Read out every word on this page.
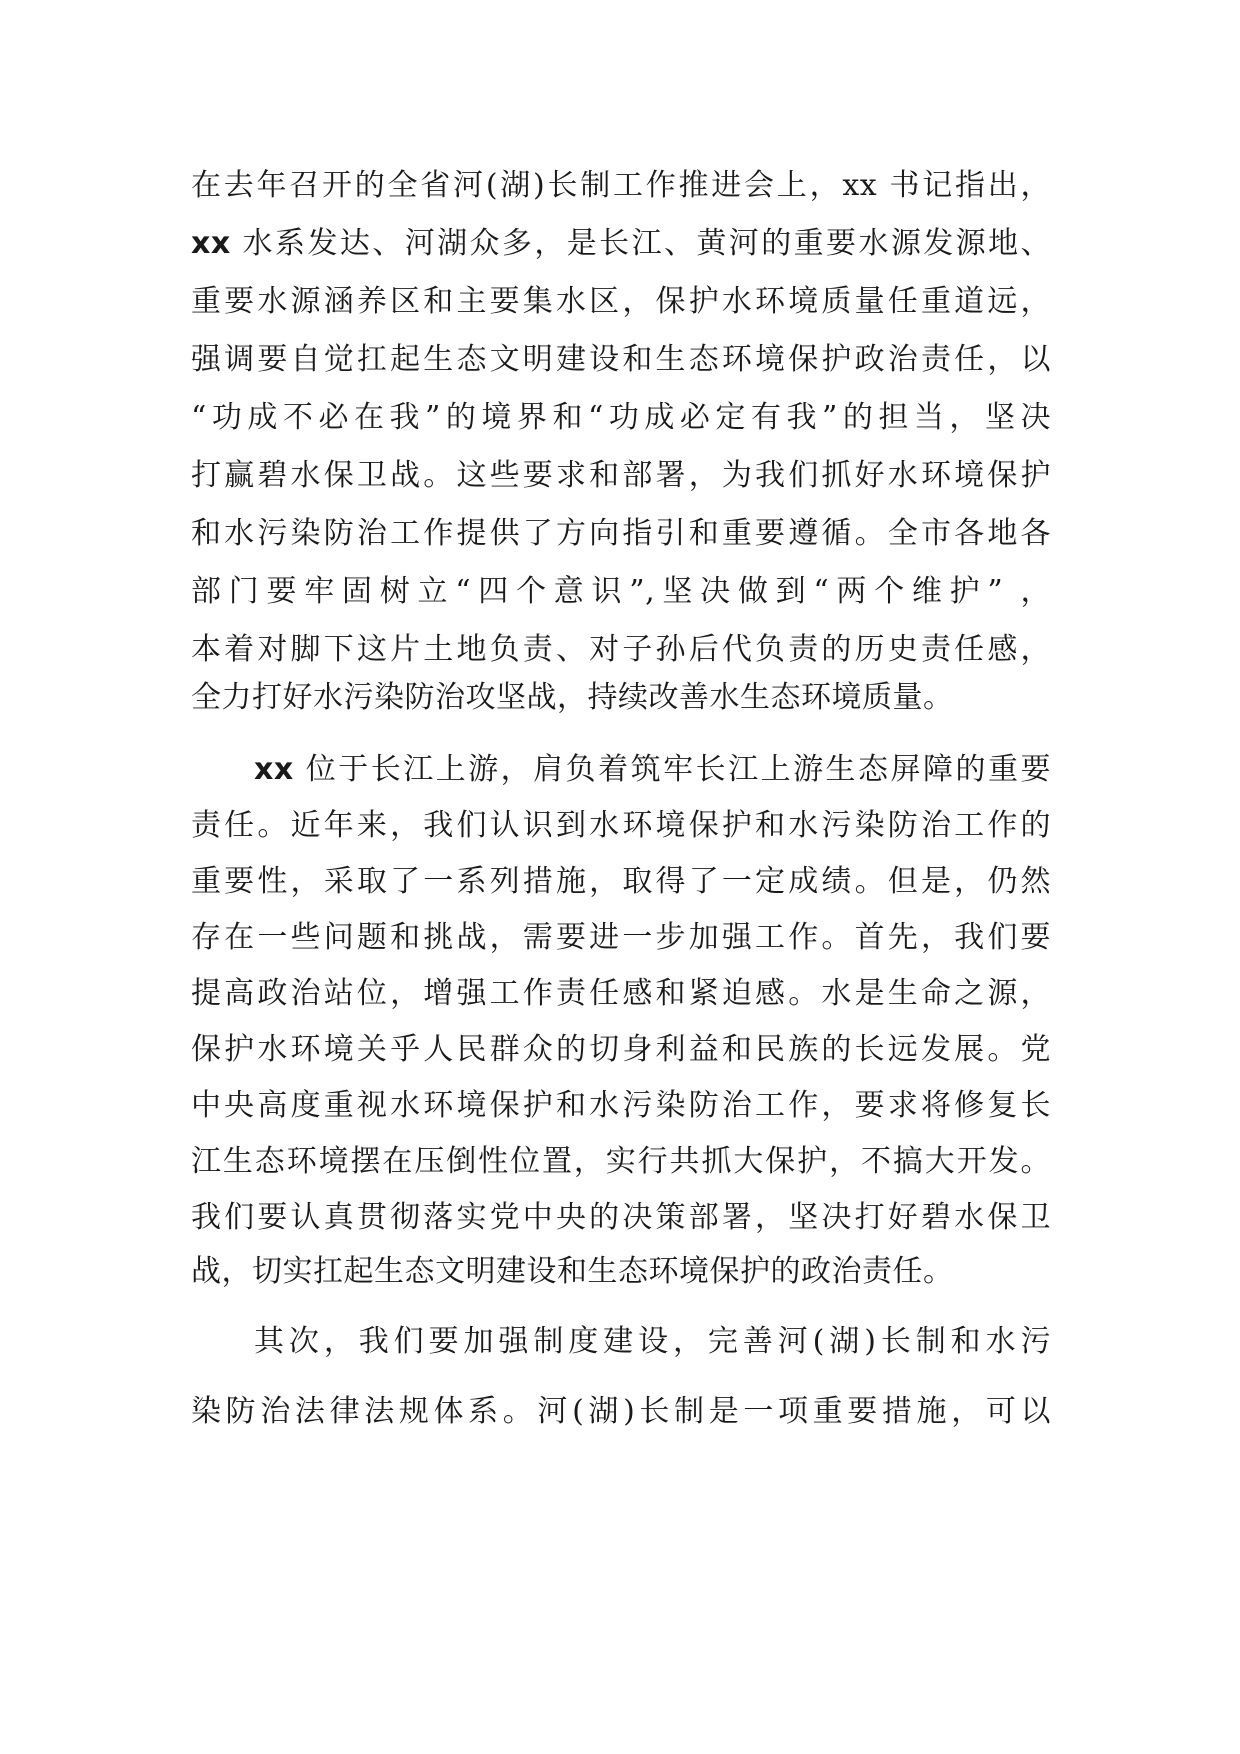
在去年召开的全省河(湖)长制工作推进会上，xx 书记指出，
xx 水系发达、河湖众多，是长江、黄河的重要水源发源地、
重要水源涵养区和主要集水区，保护水环境质量任重道远，
强调要自觉扛起生态文明建设和生态环境保护政治责任，以
“功成不必在我”的境界和“功成必定有我”的担当，坚决
打赢碧水保卫战。这些要求和部署，为我们抓好水环境保护
和水污染防治工作提供了方向指引和重要遵循。全市各地各
部门要牢固树立“四个意识”,坚决做到“两个维护” ，
本着对脚下这片土地负责、对子孙后代负责的历史责任感，
全力打好水污染防治攻坚战，持续改善水生态环境质量。
xx 位于长江上游，肩负着筑牢长江上游生态屏障的重要
责任。近年来，我们认识到水环境保护和水污染防治工作的
重要性，采取了一系列措施，取得了一定成绩。但是，仍然
存在一些问题和挑战，需要进一步加强工作。首先，我们要
提高政治站位，增强工作责任感和紧迫感。水是生命之源，
保护水环境关乎人民群众的切身利益和民族的长远发展。党
中央高度重视水环境保护和水污染防治工作，要求将修复长
江生态环境摆在压倒性位置，实行共抓大保护，不搞大开发。
我们要认真贯彻落实党中央的决策部署，坚决打好碧水保卫
战，切实扛起生态文明建设和生态环境保护的政治责任。
其次，我们要加强制度建设，完善河(湖)长制和水污
染防治法律法规体系。河(湖)长制是一项重要措施，可以
